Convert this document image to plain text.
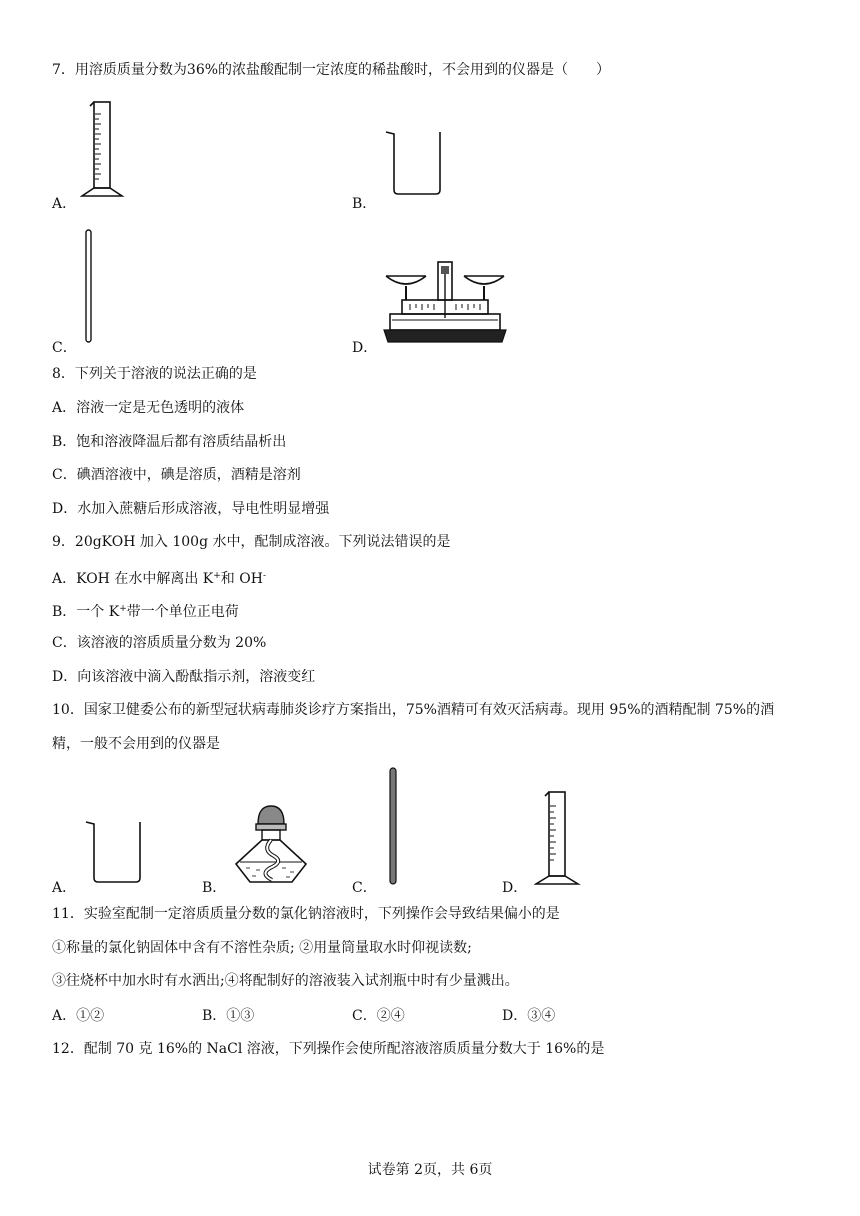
7．用溶质质量分数为36%的浓盐酸配制一定浓度的稀盐酸时，不会用到的仪器是（　　）
A．	B．
C．	D．
8．下列关于溶液的说法正确的是
A．溶液一定是无色透明的液体
B．饱和溶液降温后都有溶质结晶析出
C．碘酒溶液中，碘是溶质，酒精是溶剂
D．水加入蔗糖后形成溶液，导电性明显增强
9．20gKOH 加入 100g 水中，配制成溶液。下列说法错误的是
A．KOH 在水中解离出 K+和 OH-
B．一个 K+带一个单位正电荷
C．该溶液的溶质质量分数为 20%
D．向该溶液中滴入酚酞指示剂，溶液变红
10．国家卫健委公布的新型冠状病毒肺炎诊疗方案指出，75%酒精可有效灭活病毒。现用 95%的酒精配制 75%的酒
精，一般不会用到的仪器是
A．	B．	C．	D．
11．实验室配制一定溶质质量分数的氯化钠溶液时，下列操作会导致结果偏小的是
①称量的氯化钠固体中含有不溶性杂质; ②用量筒量取水时仰视读数;
③往烧杯中加水时有水洒出;④将配制好的溶液装入试剂瓶中时有少量溅出。
A．①②	B．①③	C．②④	D．③④
12．配制 70 克 16%的 NaCl 溶液，下列操作会使所配溶液溶质质量分数大于 16%的是
试卷第 2页，共 6页
